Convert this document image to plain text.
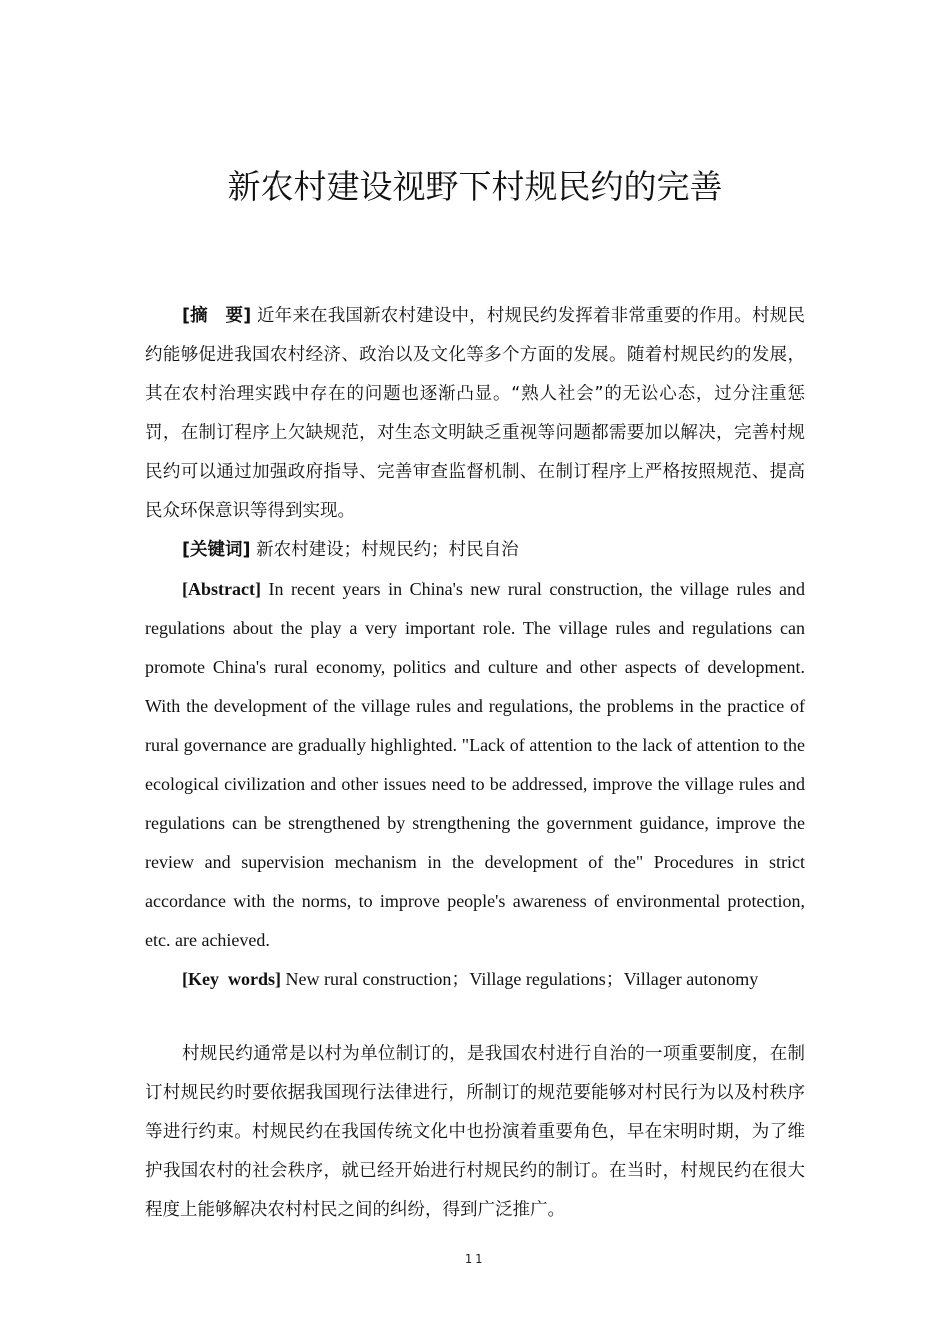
新农村建设视野下村规民约的完善

[摘　要] 近年来在我国新农村建设中，村规民约发挥着非常重要的作用。村规民约能够促进我国农村经济、政治以及文化等多个方面的发展。随着村规民约的发展，其在农村治理实践中存在的问题也逐渐凸显。“熟人社会”的无讼心态，过分注重惩罚，在制订程序上欠缺规范，对生态文明缺乏重视等问题都需要加以解决，完善村规民约可以通过加强政府指导、完善审查监督机制、在制订程序上严格按照规范、提高民众环保意识等得到实现。

[关键词] 新农村建设；村规民约；村民自治

[Abstract] In recent years in China's new rural construction, the village rules and regulations about the play a very important role. The village rules and regulations can promote China's rural economy, politics and culture and other aspects of development. With the development of the village rules and regulations, the problems in the practice of rural governance are gradually highlighted. "Lack of attention to the lack of attention to the ecological civilization and other issues need to be addressed, improve the village rules and regulations can be strengthened by strengthening the government guidance, improve the review and supervision mechanism in the development of the" Procedures in strict accordance with the norms, to improve people's awareness of environmental protection, etc. are achieved.

[Key  words] New rural construction；Village regulations；Villager autonomy

村规民约通常是以村为单位制订的，是我国农村进行自治的一项重要制度，在制订村规民约时要依据我国现行法律进行，所制订的规范要能够对村民行为以及村秩序等进行约束。村规民约在我国传统文化中也扮演着重要角色，早在宋明时期，为了维护我国农村的社会秩序，就已经开始进行村规民约的制订。在当时，村规民约在很大程度上能够解决农村村民之间的纠纷，得到广泛推广。

11
